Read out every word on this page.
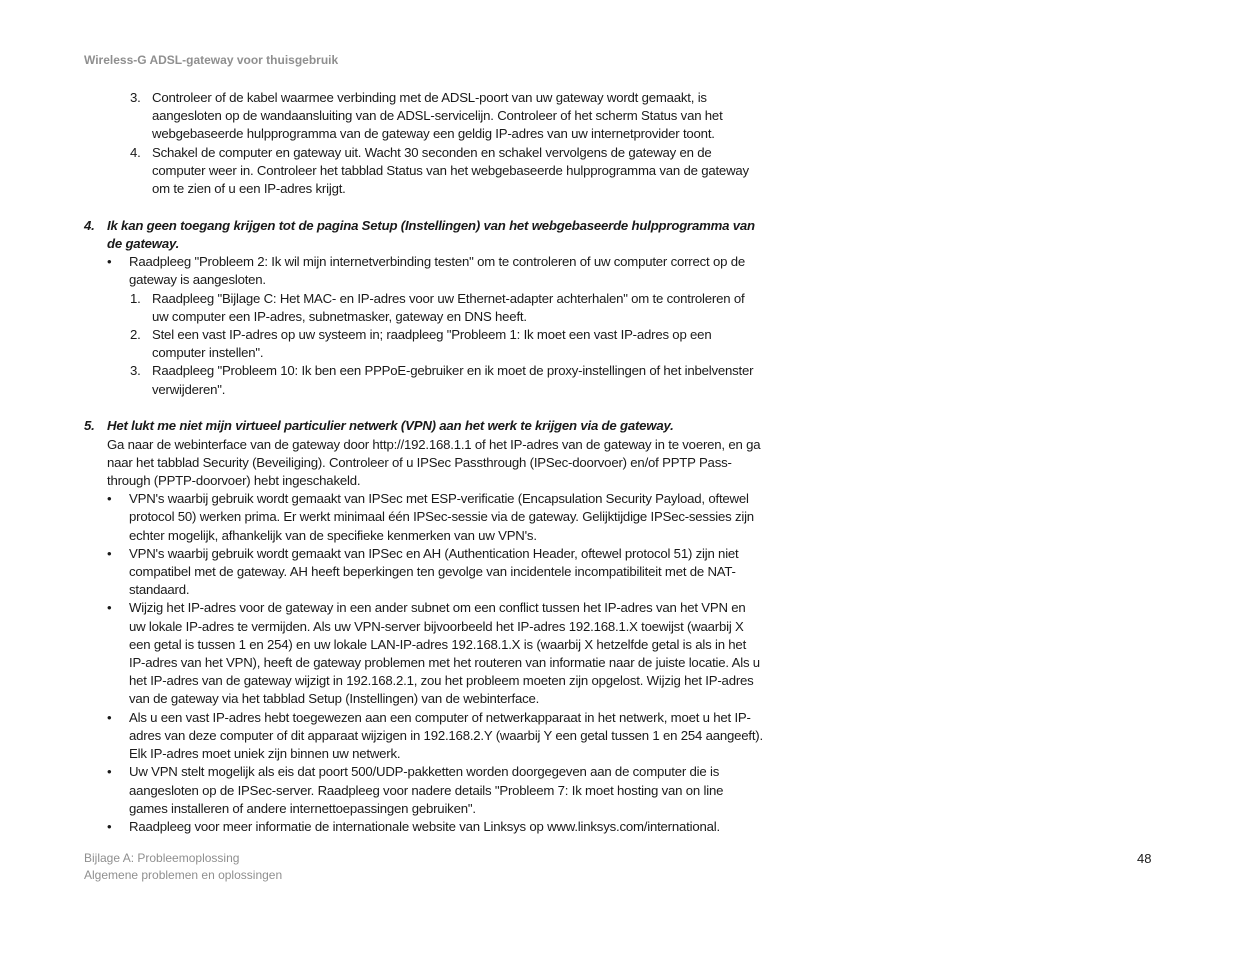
Wireless-G ADSL-gateway voor thuisgebruik

3. Controleer of de kabel waarmee verbinding met de ADSL-poort van uw gateway wordt gemaakt, is aangesloten op de wandaansluiting van de ADSL-servicelijn. Controleer of het scherm Status van het webgebaseerde hulpprogramma van de gateway een geldig IP-adres van uw internetprovider toont.

4. Schakel de computer en gateway uit. Wacht 30 seconden en schakel vervolgens de gateway en de computer weer in. Controleer het tabblad Status van het webgebaseerde hulpprogramma van de gateway om te zien of u een IP-adres krijgt.

4. Ik kan geen toegang krijgen tot de pagina Setup (Instellingen) van het webgebaseerde hulpprogramma van de gateway.

• Raadpleeg "Probleem 2: Ik wil mijn internetverbinding testen" om te controleren of uw computer correct op de gateway is aangesloten.

1. Raadpleeg "Bijlage C: Het MAC- en IP-adres voor uw Ethernet-adapter achterhalen" om te controleren of uw computer een IP-adres, subnetmasker, gateway en DNS heeft.

2. Stel een vast IP-adres op uw systeem in; raadpleeg "Probleem 1: Ik moet een vast IP-adres op een computer instellen".

3. Raadpleeg "Probleem 10: Ik ben een PPPoE-gebruiker en ik moet de proxy-instellingen of het inbelvenster verwijderen".

5. Het lukt me niet mijn virtueel particulier netwerk (VPN) aan het werk te krijgen via de gateway.

Ga naar de webinterface van de gateway door http://192.168.1.1 of het IP-adres van de gateway in te voeren, en ga naar het tabblad Security (Beveiliging). Controleer of u IPSec Passthrough (IPSec-doorvoer) en/of PPTP Pass-through (PPTP-doorvoer) hebt ingeschakeld.

• VPN's waarbij gebruik wordt gemaakt van IPSec met ESP-verificatie (Encapsulation Security Payload, oftewel protocol 50) werken prima. Er werkt minimaal één IPSec-sessie via de gateway. Gelijktijdige IPSec-sessies zijn echter mogelijk, afhankelijk van de specifieke kenmerken van uw VPN's.

• VPN's waarbij gebruik wordt gemaakt van IPSec en AH (Authentication Header, oftewel protocol 51) zijn niet compatibel met de gateway. AH heeft beperkingen ten gevolge van incidentele incompatibiliteit met de NAT-standaard.

• Wijzig het IP-adres voor de gateway in een ander subnet om een conflict tussen het IP-adres van het VPN en uw lokale IP-adres te vermijden. Als uw VPN-server bijvoorbeeld het IP-adres 192.168.1.X toewijst (waarbij X een getal is tussen 1 en 254) en uw lokale LAN-IP-adres 192.168.1.X is (waarbij X hetzelfde getal is als in het IP-adres van het VPN), heeft de gateway problemen met het routeren van informatie naar de juiste locatie. Als u het IP-adres van de gateway wijzigt in 192.168.2.1, zou het probleem moeten zijn opgelost. Wijzig het IP-adres van de gateway via het tabblad Setup (Instellingen) van de webinterface.

• Als u een vast IP-adres hebt toegewezen aan een computer of netwerkapparaat in het netwerk, moet u het IP-adres van deze computer of dit apparaat wijzigen in 192.168.2.Y (waarbij Y een getal tussen 1 en 254 aangeeft). Elk IP-adres moet uniek zijn binnen uw netwerk.

• Uw VPN stelt mogelijk als eis dat poort 500/UDP-pakketten worden doorgegeven aan de computer die is aangesloten op de IPSec-server. Raadpleeg voor nadere details "Probleem 7: Ik moet hosting van on line games installeren of andere internettoepassingen gebruiken".

• Raadpleeg voor meer informatie de internationale website van Linksys op www.linksys.com/international.

Bijlage A: Probleemoplossing
Algemene problemen en oplossingen
48
